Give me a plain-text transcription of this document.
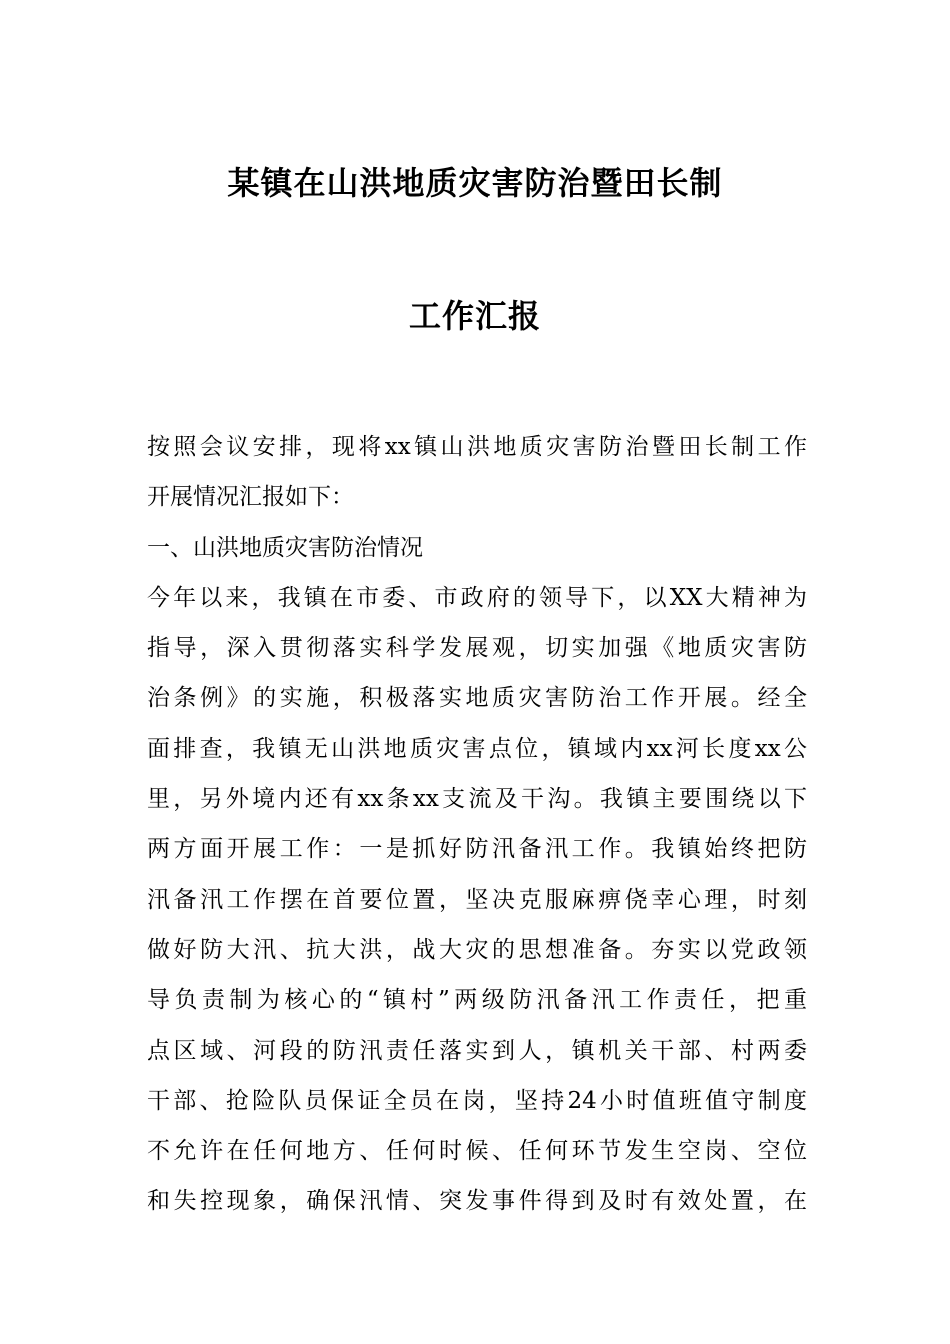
某镇在山洪地质灾害防治暨田长制
工作汇报
按照会议安排，现将xx镇山洪地质灾害防治暨田长制工作
开展情况汇报如下：
一、山洪地质灾害防治情况
今年以来，我镇在市委、市政府的领导下，以XX大精神为
指导，深入贯彻落实科学发展观，切实加强《地质灾害防
治条例》的实施，积极落实地质灾害防治工作开展。经全
面排查，我镇无山洪地质灾害点位，镇域内xx河长度xx公
里，另外境内还有xx条xx支流及干沟。我镇主要围绕以下
两方面开展工作：一是抓好防汛备汛工作。我镇始终把防
汛备汛工作摆在首要位置，坚决克服麻痹侥幸心理，时刻
做好防大汛、抗大洪，战大灾的思想准备。夯实以党政领
导负责制为核心的“镇村”两级防汛备汛工作责任，把重
点区域、河段的防汛责任落实到人，镇机关干部、村两委
干部、抢险队员保证全员在岗，坚持24小时值班值守制度
不允许在任何地方、任何时候、任何环节发生空岗、空位
和失控现象，确保汛情、突发事件得到及时有效处置，在
